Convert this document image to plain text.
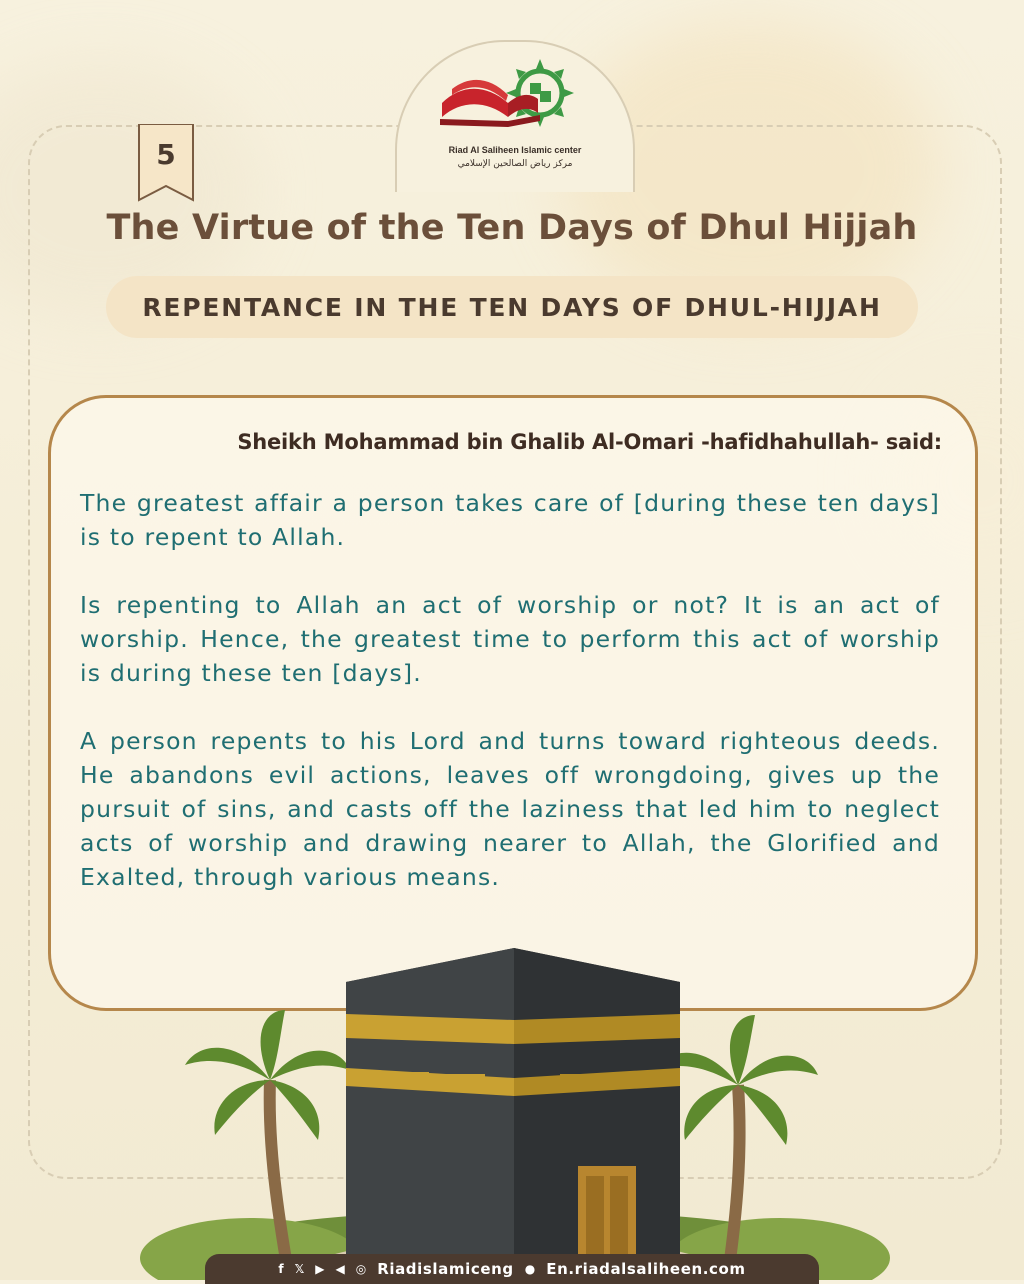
Riad Al Saliheen Islamic center
مركز رياض الصالحين الإسلامي
5
The Virtue of the Ten Days of Dhul Hijjah
REPENTANCE IN THE TEN DAYS OF DHUL-HIJJAH
Sheikh Mohammad bin Ghalib Al-Omari -hafidhahullah- said:
The greatest affair a person takes care of [during these ten days] is to repent to Allah.
Is repenting to Allah an act of worship or not? It is an act of worship. Hence, the greatest time to perform this act of worship is during these ten [days].
A person repents to his Lord and turns toward righteous deeds. He abandons evil actions, leaves off wrongdoing, gives up the pursuit of sins, and casts off the laziness that led him to neglect acts of worship and drawing nearer to Allah, the Glorified and Exalted, through various means.
f 𝕏 ▶ ◀ ◎ Riadislamiceng ● En.riadalsaliheen.com
